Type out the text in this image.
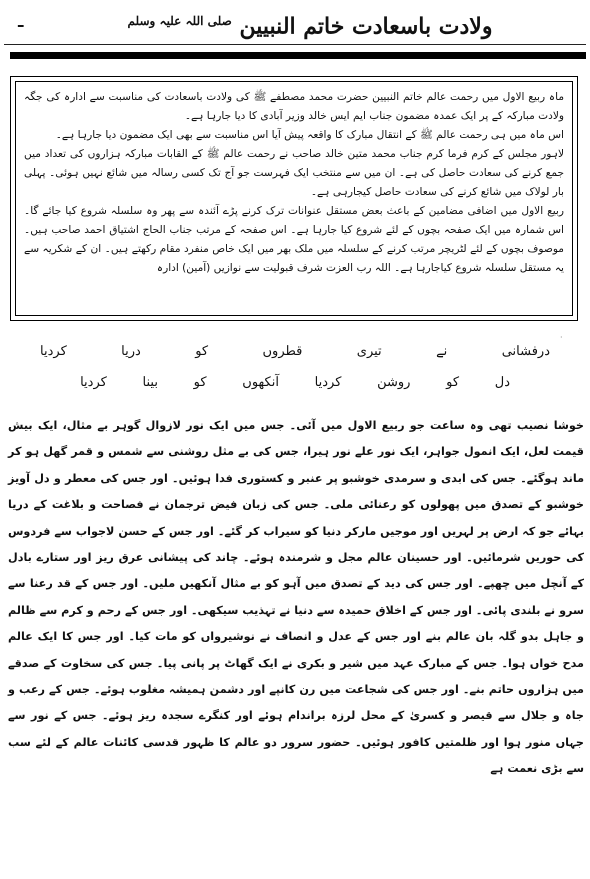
ـ	ولادت باسعادت خاتم النبیین $^{صلی اللہ علیہ وسلم}$

ماہ ربیع الاول میں رحمت عالم خاتم النبیین حضرت محمد مصطفے ﷺ کی ولادت باسعادت کی مناسبت سے ادارہ کی جگہ ولادت مبارکہ کے پر ایک عمدہ مضمون جناب ایم ایس خالد وزیر آبادی کا دیا جارہا ہے۔

اس ماہ میں ہی رحمت عالم ﷺ کے انتقال مبارک کا واقعہ پیش آیا اس مناسبت سے بھی ایک مضمون دیا جارہا ہے۔

لاہور مجلس کے کرم فرما کرم جناب محمد متین خالد صاحب نے رحمت عالم ﷺ کے القابات مبارکہ ہزاروں کی تعداد میں جمع کرنے کی سعادت حاصل کی ہے۔ ان میں سے منتخب ایک فہرست جو آج تک کسی رسالہ میں شائع نہیں ہوئی۔ پہلی بار لولاک میں شائع کرنے کی سعادت حاصل کیجارہی ہے۔

ربیع الاول میں اضافی مضامین کے باعث بعض مستقل عنوانات ترک کرنے پڑے آئندہ سے پھر وہ سلسلہ شروع کیا جائے گا۔ اس شمارہ میں ایک صفحہ بچوں کے لئے شروع کیا جارہا ہے۔ اس صفحہ کے مرتب جناب الحاج اشتیاق احمد صاحب ہیں۔ موصوف بچوں کے لئے لٹریچر مرتب کرنے کے سلسلہ میں ملک بھر میں ایک خاص منفرد مقام رکھتے ہیں۔ ان کے شکریہ سے یہ مستقل سلسلہ شروع کیاجارہا ہے۔ اللہ رب العزت شرف قبولیت سے نوازیں (آمین) ادارہ

·
درفشانی
نے
تیری
قطروں
کو
دریا
کردیا
دل
کو
روشن
کردیا
آنکھوں
کو
بینا
کردیا

خوشا نصیب تھی وہ ساعت جو ربیع الاول میں آئی۔ جس میں ایک نور لازوال گوہر بے مثال، ایک بیش قیمت لعل، ایک انمول جواہر، ایک نور علے نور ہیرا، جس کی بے مثل روشنی سے شمس و قمر گھل ہو کر ماند ہوگئے۔ جس کی ابدی و سرمدی خوشبو پر عنبر و کستوری فدا ہوئیں۔ اور جس کی معطر و دل آویز خوشبو کے تصدق میں پھولوں کو رعنائی ملی۔ جس کی زبان فیض ترجمان نے فصاحت و بلاغت کے دریا بہائے جو کہ ارض پر لہریں اور موجیں مارکر دنیا کو سیراب کر گئے۔ اور جس کے حسن لاجواب سے فردوس کی حوریں شرمائیں۔ اور حسینان عالم مجل و شرمندہ ہوئے۔ چاند کی پیشانی عرق ریز اور ستارے بادل کے آنچل میں چھپے۔ اور جس کی دید کے تصدق میں آہو کو بے مثال آنکھیں ملیں۔ اور جس کے قد رعنا سے سرو نے بلندی پائی۔ اور جس کے اخلاق حمیدہ سے دنیا نے تہذیب سیکھی۔ اور جس کے رحم و کرم سے ظالم و جاہل بدو گلہ بان عالم بنے اور جس کے عدل و انصاف نے نوشیرواں کو مات کیا۔ اور جس کا ایک عالم مدح خواں ہوا۔ جس کے مبارک عہد میں شیر و بکری نے ایک گھاٹ پر پانی پیا۔ جس کی سخاوت کے صدقے میں ہزاروں حاتم بنے۔ اور جس کی شجاعت میں رن کانپے اور دشمن ہمیشہ مغلوب ہوئے۔ جس کے رعب و جاہ و جلال سے قیصر و کسریٰ کے محل لرزہ براندام ہوئے اور کنگرے سجدہ ریز ہوئے۔ جس کے نور سے جہاں منور ہوا اور ظلمتیں کافور ہوئیں۔ حضور سرور دو عالم کا ظہور قدسی کائنات عالم کے لئے سب سے بڑی نعمت ہے
